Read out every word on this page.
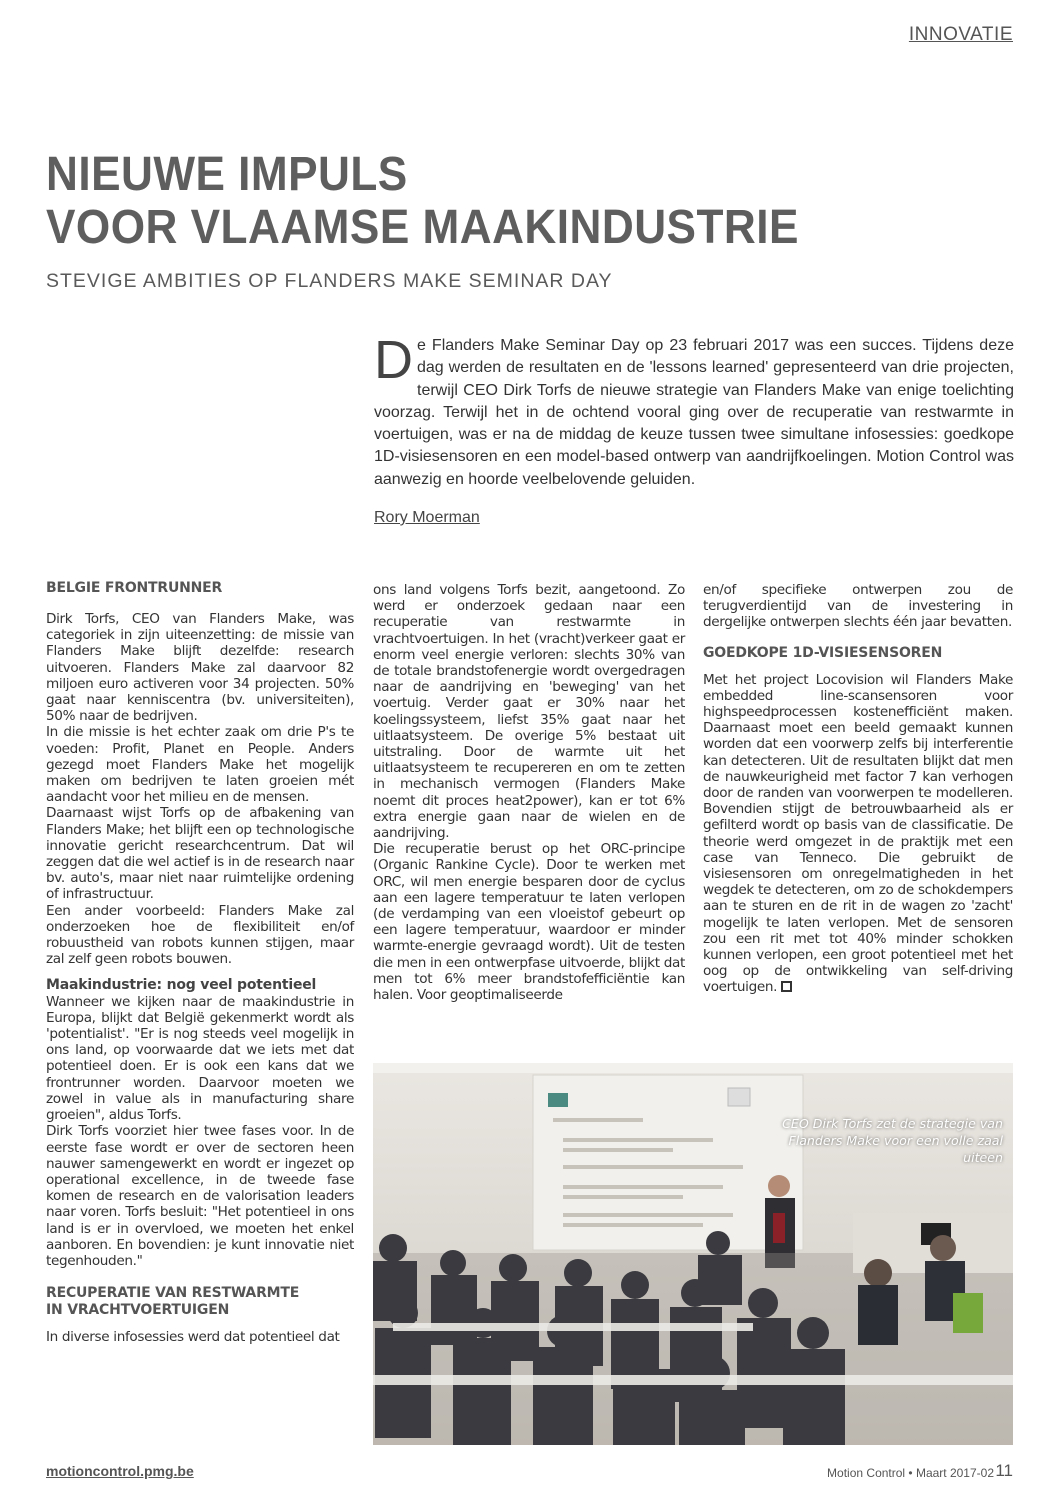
INNOVATIE
NIEUWE IMPULS
VOOR VLAAMSE MAAKINDUSTRIE
STEVIGE AMBITIES OP FLANDERS MAKE SEMINAR DAY
De Flanders Make Seminar Day op 23 februari 2017 was een succes. Tijdens deze dag werden de resultaten en de 'lessons learned' gepresenteerd van drie projecten, terwijl CEO Dirk Torfs de nieuwe strategie van Flanders Make van enige toelichting voorzag. Terwijl het in de ochtend vooral ging over de recuperatie van restwarmte in voertuigen, was er na de middag de keuze tussen twee simultane infosessies: goedkope 1D-visiesensoren en een model-based ontwerp van aandrijfkoelingen. Motion Control was aanwezig en hoorde veelbelovende geluiden.
Rory Moerman
BELGIE FRONTRUNNER

Dirk Torfs, CEO van Flanders Make, was categoriek in zijn uiteenzetting: de missie van Flanders Make blijft dezelfde: research uitvoeren. Flanders Make zal daarvoor 82 miljoen euro activeren voor 34 projecten. 50% gaat naar kenniscentra (bv. universiteiten), 50% naar de bedrijven.

In die missie is het echter zaak om drie P's te voeden: Profit, Planet en People. Anders gezegd moet Flanders Make het mogelijk maken om bedrijven te laten groeien mét aandacht voor het milieu en de mensen.

Daarnaast wijst Torfs op de afbakening van Flanders Make; het blijft een op technologische innovatie gericht researchcentrum. Dat wil zeggen dat die wel actief is in de research naar bv. auto's, maar niet naar ruimtelijke ordening of infrastructuur.

Een ander voorbeeld: Flanders Make zal onderzoeken hoe de flexibiliteit en/of robuustheid van robots kunnen stijgen, maar zal zelf geen robots bouwen.

Maakindustrie: nog veel potentieel

Wanneer we kijken naar de maakindustrie in Europa, blijkt dat België gekenmerkt wordt als 'potentialist'. "Er is nog steeds veel mogelijk in ons land, op voorwaarde dat we iets met dat potentieel doen. Er is ook een kans dat we frontrunner worden. Daarvoor moeten we zowel in value als in manufacturing share groeien", aldus Torfs.

Dirk Torfs voorziet hier twee fases voor. In de eerste fase wordt er over de sectoren heen nauwer samengewerkt en wordt er ingezet op operational excellence, in de tweede fase komen de research en de valorisation leaders naar voren. Torfs besluit: "Het potentieel in ons land is er in overvloed, we moeten het enkel aanboren. En bovendien: je kunt innovatie niet tegenhouden."

RECUPERATIE VAN RESTWARMTE
IN VRACHTVOERTUIGEN

In diverse infosessies werd dat potentieel dat

ons land volgens Torfs bezit, aangetoond. Zo werd er onderzoek gedaan naar een recuperatie van restwarmte in vrachtvoertuigen. In het (vracht)verkeer gaat er enorm veel energie verloren: slechts 30% van de totale brandstofenergie wordt overgedragen naar de aandrijving en 'beweging' van het voertuig. Verder gaat er 30% naar het koelingssysteem, liefst 35% gaat naar het uitlaatsysteem. De overige 5% bestaat uit uitstraling. Door de warmte uit het uitlaatsysteem te recupereren en om te zetten in mechanisch vermogen (Flanders Make noemt dit proces heat2power), kan er tot 6% extra energie gaan naar de wielen en de aandrijving.

Die recuperatie berust op het ORC-principe (Organic Rankine Cycle). Door te werken met ORC, wil men energie besparen door de cyclus aan een lagere temperatuur te laten verlopen (de verdamping van een vloeistof gebeurt op een lagere temperatuur, waardoor er minder warmte-energie gevraagd wordt). Uit de testen die men in een ontwerpfase uitvoerde, blijkt dat men tot 6% meer brandstofefficiëntie kan halen. Voor geoptimaliseerde

en/of specifieke ontwerpen zou de terugverdientijd van de investering in dergelijke ontwerpen slechts één jaar bevatten.

GOEDKOPE 1D-VISIESENSOREN

Met het project Locovision wil Flanders Make embedded line-scansensoren voor highspeedprocessen kostenefficiënt maken. Daarnaast moet een beeld gemaakt kunnen worden dat een voorwerp zelfs bij interferentie kan detecteren. Uit de resultaten blijkt dat men de nauwkeurigheid met factor 7 kan verhogen door de randen van voorwerpen te modelleren. Bovendien stijgt de betrouwbaarheid als er gefilterd wordt op basis van de classificatie. De theorie werd omgezet in de praktijk met een case van Tenneco. Die gebruikt de visiesensoren om onregelmatigheden in het wegdek te detecteren, om zo de schokdempers aan te sturen en de rit in de wagen zo 'zacht' mogelijk te laten verlopen. Met de sensoren zou een rit met tot 40% minder schokken kunnen verlopen, een groot potentieel met het oog op de ontwikkeling van self-driving voertuigen.

CEO Dirk Torfs zet de strategie van Flanders Make voor een volle zaal uiteen
motioncontrol.pmg.be	Motion Control • Maart 2017-02 11
